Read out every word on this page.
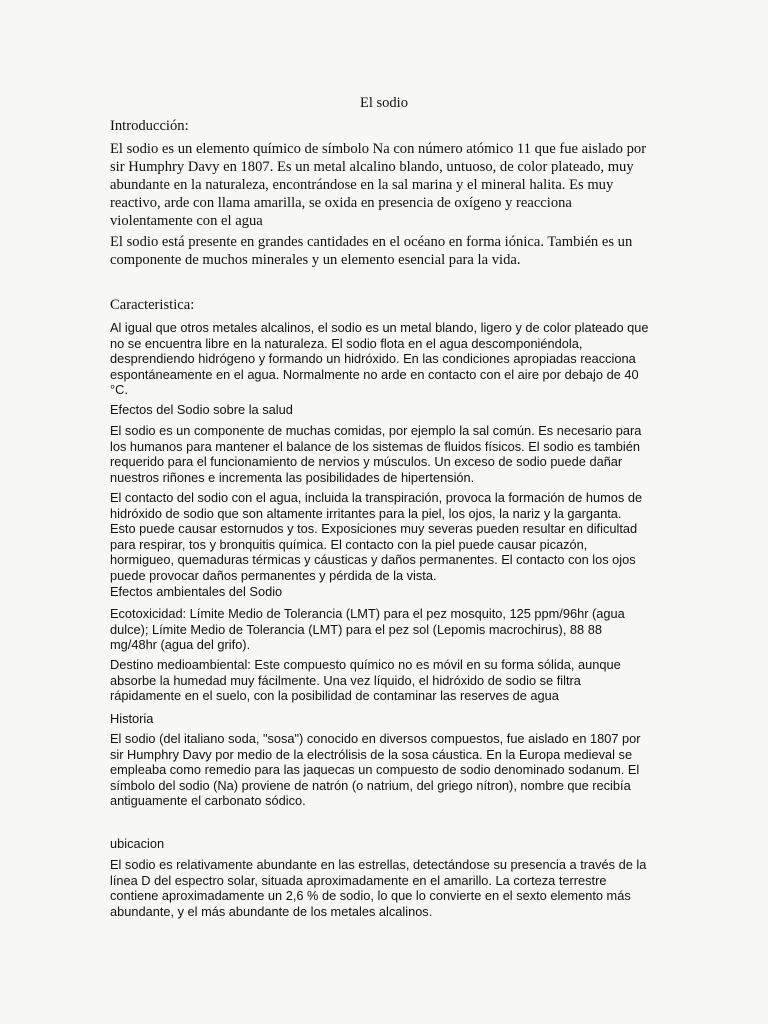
El sodio
Introducción:

El sodio es un elemento químico de símbolo Na con número atómico 11 que fue aislado por sir Humphry Davy en 1807. Es un metal alcalino blando, untuoso, de color plateado, muy abundante en la naturaleza, encontrándose en la sal marina y el mineral halita. Es muy reactivo, arde con llama amarilla, se oxida en presencia de oxígeno y reacciona violentamente con el agua

El sodio está presente en grandes cantidades en el océano en forma iónica. También es un componente de muchos minerales y un elemento esencial para la vida.

Caracteristica:

Al igual que otros metales alcalinos, el sodio es un metal blando, ligero y de color plateado que no se encuentra libre en la naturaleza. El sodio flota en el agua descomponiéndola, desprendiendo hidrógeno y formando un hidróxido. En las condiciones apropiadas reacciona espontáneamente en el agua. Normalmente no arde en contacto con el aire por debajo de 40 °C.

Efectos del Sodio sobre la salud

El sodio es un componente de muchas comidas, por ejemplo la sal común. Es necesario para los humanos para mantener el balance de los sistemas de fluidos físicos. El sodio es también requerido para el funcionamiento de nervios y músculos. Un exceso de sodio puede dañar nuestros riñones e incrementa las posibilidades de hipertensión.

El contacto del sodio con el agua, incluida la transpiración, provoca la formación de humos de hidróxido de sodio que son altamente irritantes para la piel, los ojos, la nariz y la garganta. Esto puede causar estornudos y tos. Exposiciones muy severas pueden resultar en dificultad para respirar, tos y bronquitis química. El contacto con la piel puede causar picazón, hormigueo, quemaduras térmicas y cáusticas y daños permanentes. El contacto con los ojos puede provocar daños permanentes y pérdida de la vista.

Efectos ambientales del Sodio

Ecotoxicidad: Límite Medio de Tolerancia (LMT) para el pez mosquito, 125 ppm/96hr (agua dulce); Límite Medio de Tolerancia (LMT) para el pez sol (Lepomis macrochirus), 88 88 mg/48hr (agua del grifo).

Destino medioambiental: Este compuesto químico no es móvil en su forma sólida, aunque absorbe la humedad muy fácilmente. Una vez líquido, el hidróxido de sodio se filtra rápidamente en el suelo, con la posibilidad de contaminar las reserves de agua

Historia

El sodio (del italiano soda, "sosa") conocido en diversos compuestos, fue aislado en 1807 por sir Humphry Davy por medio de la electrólisis de la sosa cáustica. En la Europa medieval se empleaba como remedio para las jaquecas un compuesto de sodio denominado sodanum. El símbolo del sodio (Na) proviene de natrón (o natrium, del griego nítron), nombre que recibía antiguamente el carbonato sódico.

ubicacion

El sodio es relativamente abundante en las estrellas, detectándose su presencia a través de la línea D del espectro solar, situada aproximadamente en el amarillo. La corteza terrestre contiene aproximadamente un 2,6 % de sodio, lo que lo convierte en el sexto elemento más abundante, y el más abundante de los metales alcalinos.
